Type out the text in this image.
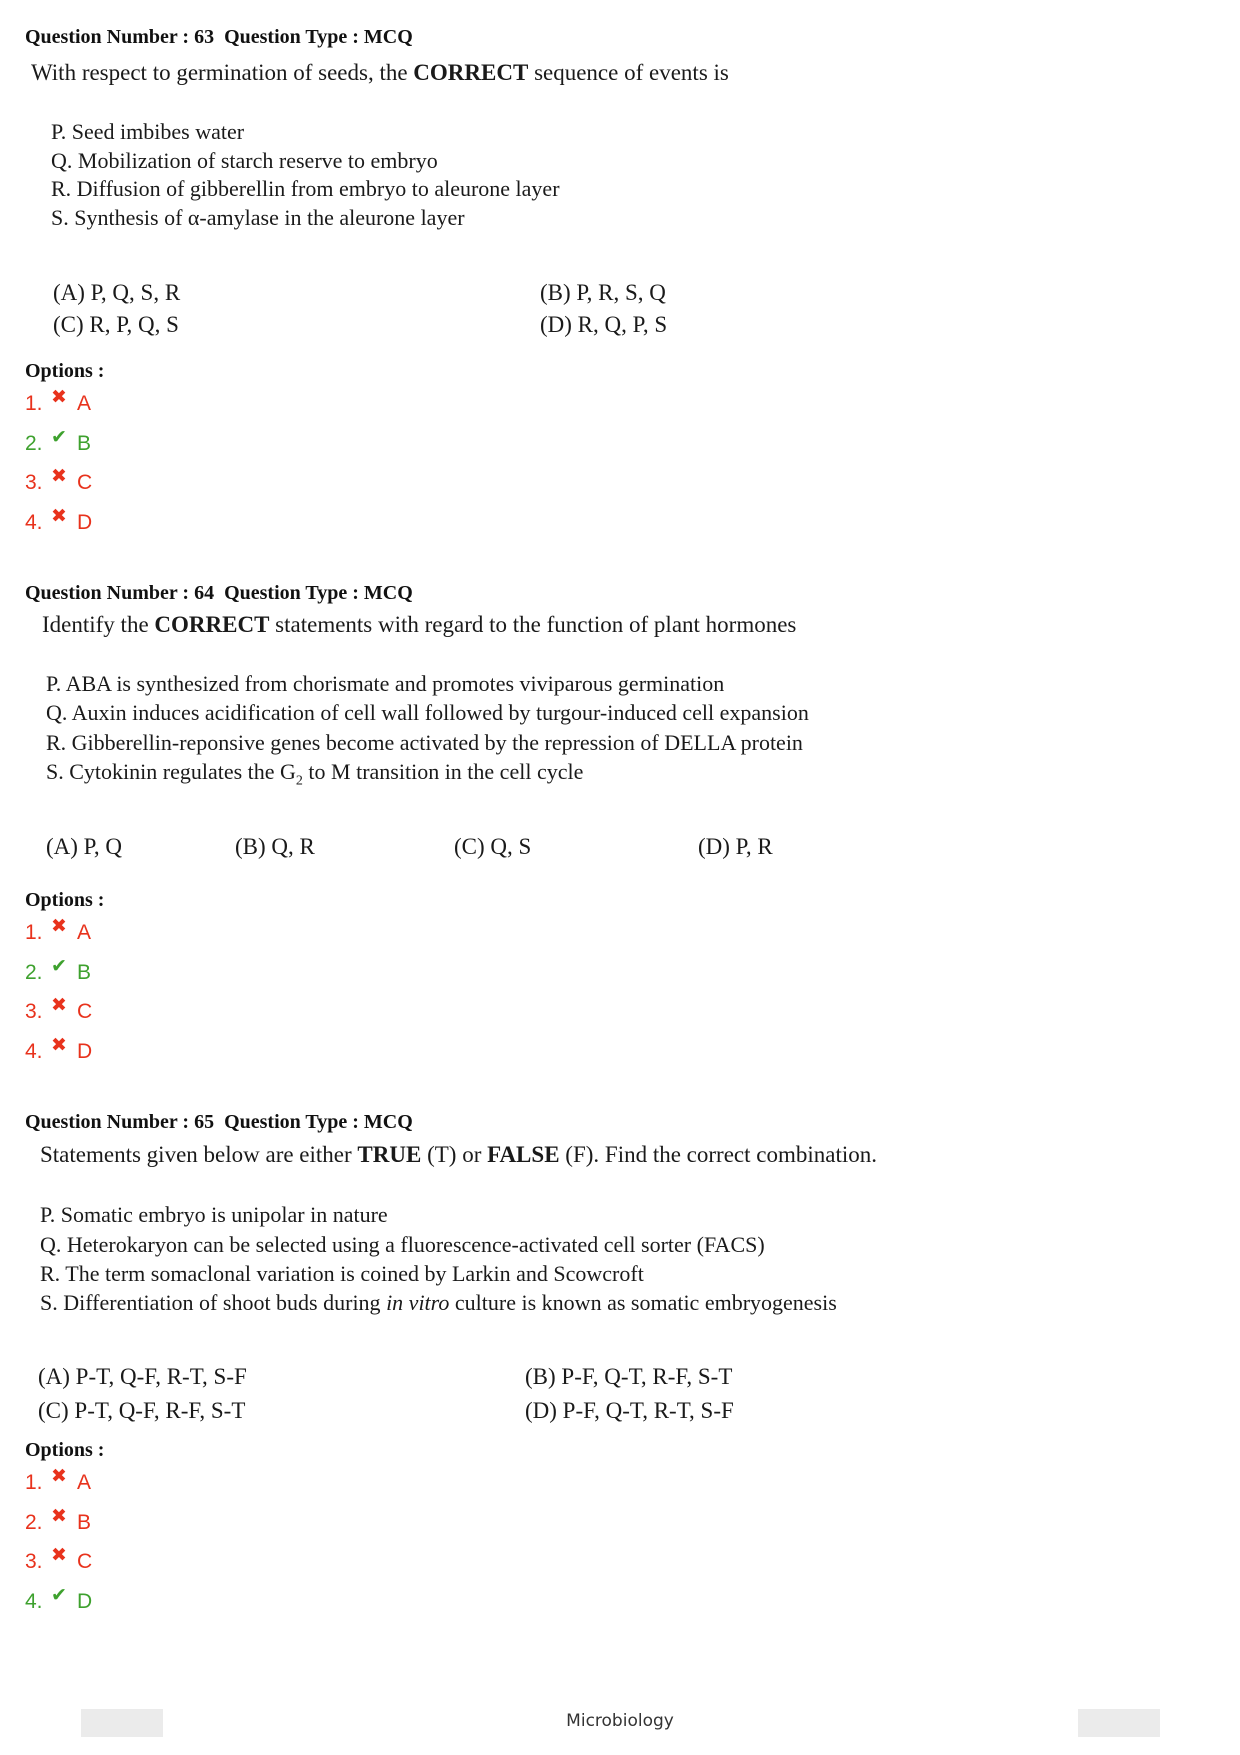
Question Number : 63 Question Type : MCQ
With respect to germination of seeds, the CORRECT sequence of events is
P. Seed imbibes water
Q. Mobilization of starch reserve to embryo
R. Diffusion of gibberellin from embryo to aleurone layer
S. Synthesis of α-amylase in the aleurone layer
(A) P, Q, S, R	(B) P, R, S, Q
(C) R, P, Q, S	(D) R, Q, P, S
Options :
1. ✖ A
2. ✔ B
3. ✖ C
4. ✖ D
Question Number : 64 Question Type : MCQ
Identify the CORRECT statements with regard to the function of plant hormones
P. ABA is synthesized from chorismate and promotes viviparous germination
Q. Auxin induces acidification of cell wall followed by turgour-induced cell expansion
R. Gibberellin-reponsive genes become activated by the repression of DELLA protein
S. Cytokinin regulates the $G_2$ to M transition in the cell cycle
(A) P, Q	(B) Q, R	(C) Q, S	(D) P, R
Options :
1. ✖ A
2. ✔ B
3. ✖ C
4. ✖ D
Question Number : 65 Question Type : MCQ
Statements given below are either TRUE (T) or FALSE (F). Find the correct combination.
P. Somatic embryo is unipolar in nature
Q. Heterokaryon can be selected using a fluorescence-activated cell sorter (FACS)
R. The term somaclonal variation is coined by Larkin and Scowcroft
S. Differentiation of shoot buds during in vitro culture is known as somatic embryogenesis
(A) P-T, Q-F, R-T, S-F	(B) P-F, Q-T, R-F, S-T
(C) P-T, Q-F, R-F, S-T	(D) P-F, Q-T, R-T, S-F
Options :
1. ✖ A
2. ✖ B
3. ✖ C
4. ✔ D
Microbiology
